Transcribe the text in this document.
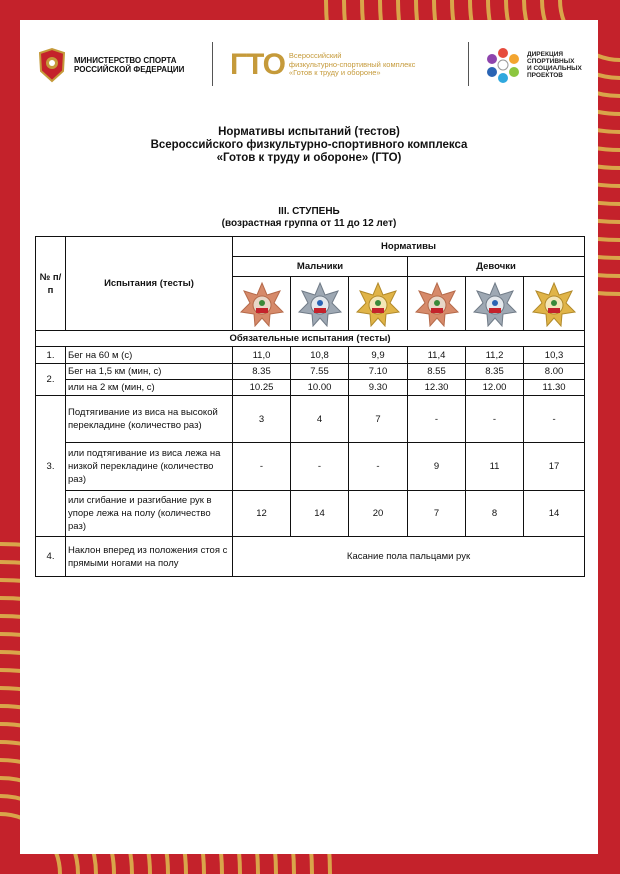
МИНИСТЕРСТВО СПОРТА
РОССИЙСКОЙ ФЕДЕРАЦИИ ГТО Всероссийский
физкультурно-спортивный комплекс
«Готов к труду и обороне»
ДИРЕКЦИЯ
СПОРТИВНЫХ
И СОЦИАЛЬНЫХ
ПРОЕКТОВ
Нормативы испытаний (тестов)
Всероссийского физкультурно-спортивного комплекса
«Готов к труду и обороне» (ГТО)
III. СТУПЕНЬ
(возрастная группа от 11 до 12 лет)
№ п/п	Испытания (тесты)	Нормативы					
		Мальчики			Девочки		

Обязательные испытания (тесты)							
1.	Бег на 60 м (с)	11,0	10,8	9,9	11,4	11,2	10,3
2.	Бег на 1,5 км (мин, с)	8.35	7.55	7.10	8.55	8.35	8.00
	или на 2 км (мин, с)	10.25	10.00	9.30	12.30	12.00	11.30
3.	Подтягивание из виса на высокой перекладине (количество раз)	3	4	7	-	-	-
	или подтягивание из виса лежа на низкой перекладине (количество раз)	-	-	-	9	11	17
	или сгибание и разгибание рук в упоре лежа на полу (количество раз)	12	14	20	7	8	14
4.	Наклон вперед из положения стоя с прямыми ногами на полу	Касание пола пальцами рук					
